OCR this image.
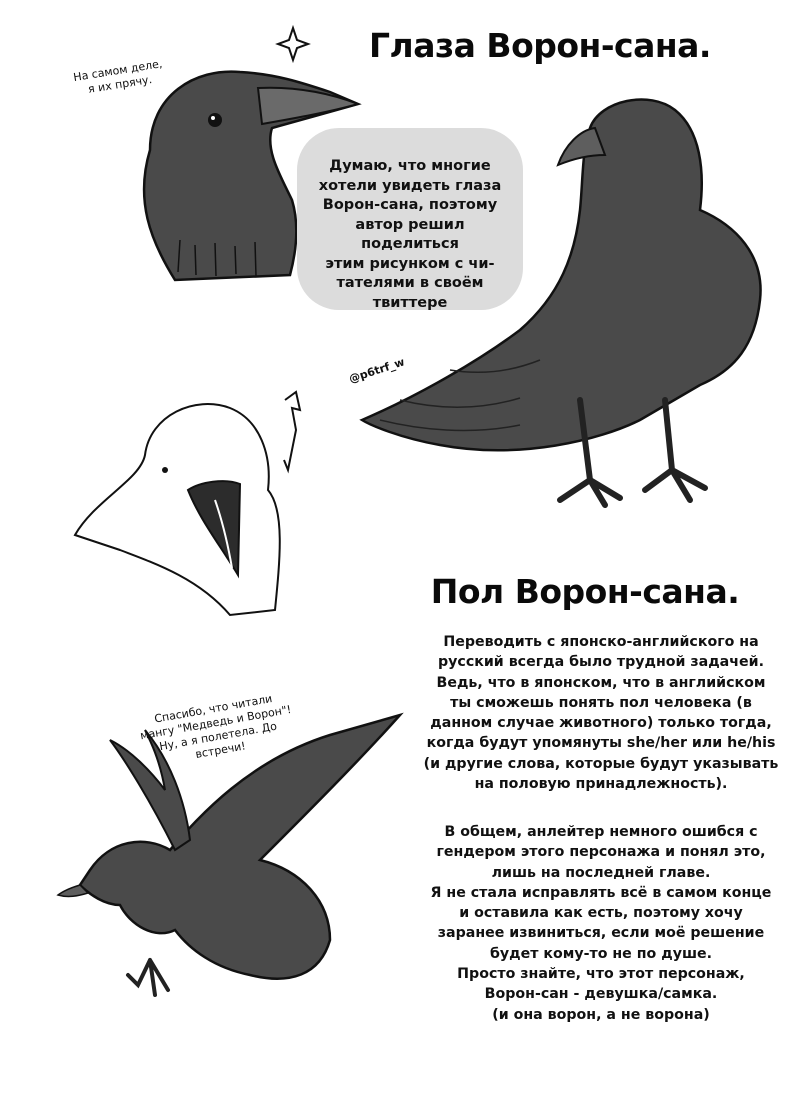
Глаза Ворон-сана.
На самом деле,
я их прячу.
Думаю, что многие
хотели увидеть глаза
Ворон-сана, поэтому
автор решил поделиться
этим рисунком с чи-
тателями в своём
твиттере
@p6trf_w
Пол Ворон-сана.
Спасибо, что читали
мангу "Медведь и Ворон"!
Ну, а я полетела. До
встречи!

Переводить с японско-английского на
русский всегда было трудной задачей.
Ведь, что в японском, что в английском
ты сможешь понять пол человека (в
данном случае животного) только тогда,
когда будут упомянуты she/her или he/his
(и другие слова, которые будут указывать
на половую принадлежность).

В общем, анлейтер немного ошибся с
гендером этого персонажа и понял это,
лишь на последней главе.
Я не стала исправлять всё в самом конце
и оставила как есть, поэтому хочу
заранее извиниться, если моё решение
будет кому-то не по душе.
Просто знайте, что этот персонаж,
Ворон-сан - девушка/самка.
(и она ворон, а не ворона)
